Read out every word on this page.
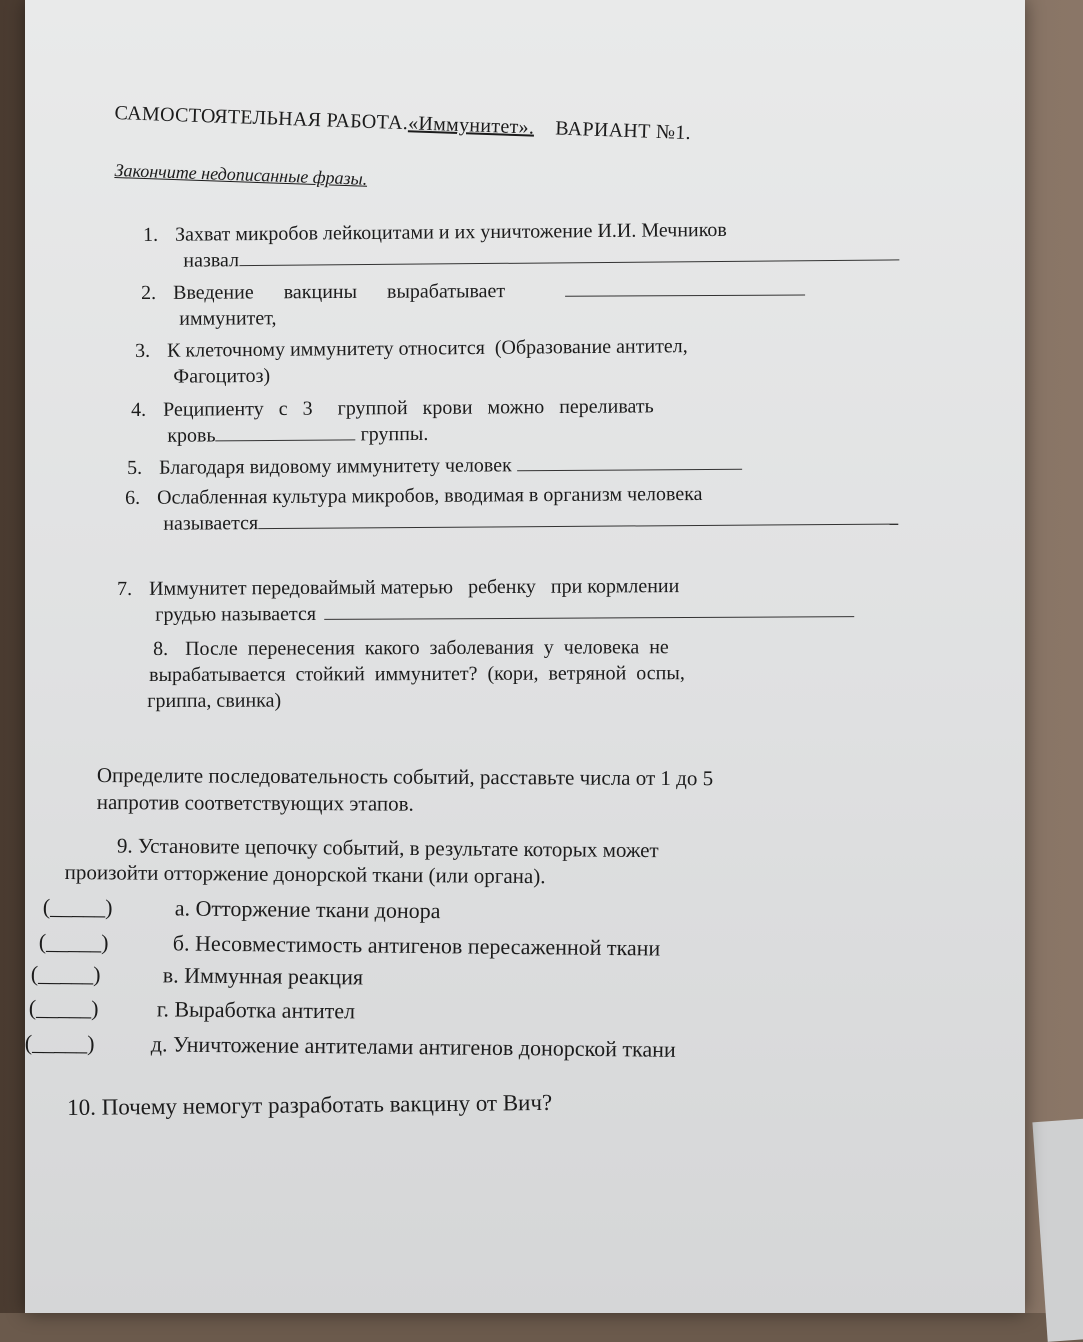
САМОСТОЯТЕЛЬНАЯ РАБОТА.«Иммунитет». ВАРИАНТ №1.
Закончите недописанные фразы.
1. Захват микробов лейкоцитами и их уничтожение И.И. Мечников
назвал
2. Введение      вакцины      вырабатывает
иммунитет,
3. К клеточному иммунитету относится  (Образование антител,
Фагоцитоз)
4. Реципиенту   с   3     группой   крови   можно   переливать
кровь	группы.
5. Благодаря видовому иммунитету человек
6. Ослабленная культура микробов, вводимая в организм человека
называется
7. Иммунитет передоваймый матерью   ребенку   при кормлении
грудью называется
8. После  перенесения  какого  заболевания  у  человека  не
вырабатывается  стойкий  иммунитет?  (кори,  ветряной  оспы,
гриппа, свинка)
Определите последовательность событий, расставьте числа от 1 до 5
напротив соответствующих этапов.
9. Установите цепочку событий, в результате которых может
произойти отторжение донорской ткани (или органа).
(_____)	а. Отторжение ткани донора
(_____)	б. Несовместимость антигенов пересаженной ткани
(_____)	в. Иммунная реакция
(_____)	г. Выработка антител
(_____)	д. Уничтожение антителами антигенов донорской ткани
10. Почему немогут разработать вакцину от Вич?
